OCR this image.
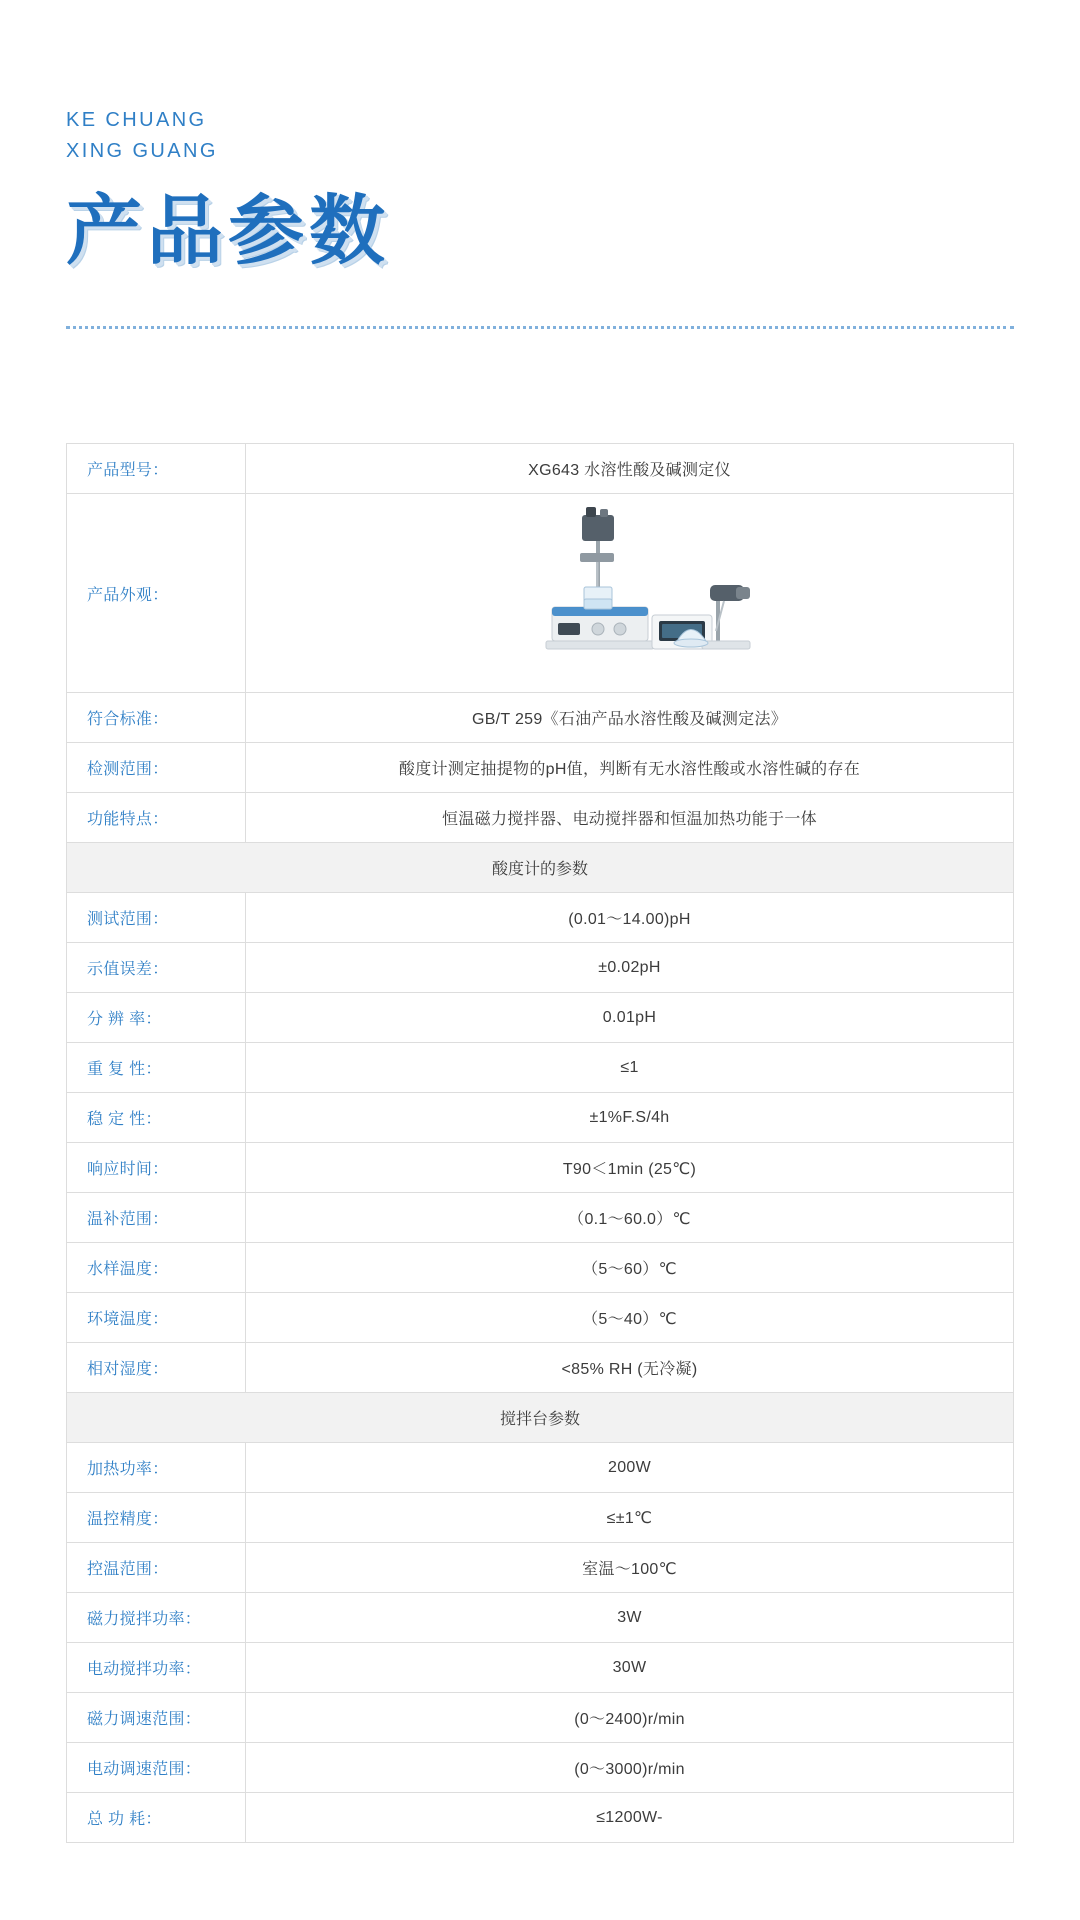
KE CHUANG
XING GUANG
产品参数
产品型号：	XG643 水溶性酸及碱测定仪
产品外观：	

符合标准：	GB/T 259《石油产品水溶性酸及碱测定法》
检测范围：	酸度计测定抽提物的pH值，判断有无水溶性酸或水溶性碱的存在
功能特点：	恒温磁力搅拌器、电动搅拌器和恒温加热功能于一体
酸度计的参数	
测试范围：	(0.01～14.00)pH
示值误差：	±0.02pH
分 辨 率：	0.01pH
重 复 性：	≤1
稳 定 性：	±1%F.S/4h
响应时间：	T90＜1min (25℃)
温补范围：	（0.1～60.0）℃
水样温度：	（5～60）℃
环境温度：	（5～40）℃
相对湿度：	<85% RH (无冷凝)
搅拌台参数	
加热功率：	200W
温控精度：	≤±1℃
控温范围：	室温～100℃
磁力搅拌功率：	3W
电动搅拌功率：	30W
磁力调速范围：	(0～2400)r/min
电动调速范围：	(0～3000)r/min
总 功 耗：	≤1200W-
